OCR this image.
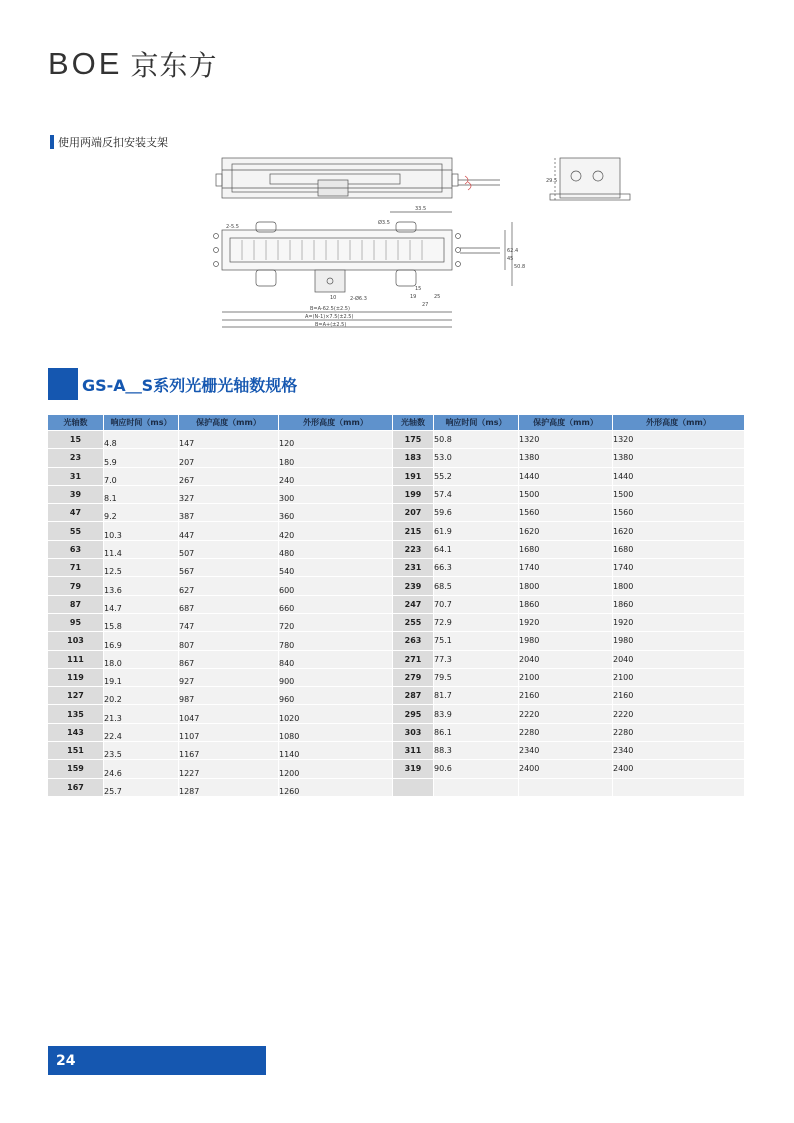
BOE 京东方
使用两端反扣安装支架
33.5
29.5
62.4
45
50.8
19	25
27
B=A-62.5(±2.5)
A=(N-1)×7.5(±2.5)
B=A+(±2.5)
2-5.5
Ø3.5
2-Ø6.3
10
15
GS-A＿S系列光栅光轴数规格
光轴数	响应时间（ms）	保护高度（mm）	外形高度（mm）	光轴数	响应时间（ms）	保护高度（mm）	外形高度（mm）
15	4.8	147	120	175	50.8	1320	1320
23	5.9	207	180	183	53.0	1380	1380
31	7.0	267	240	191	55.2	1440	1440
39	8.1	327	300	199	57.4	1500	1500
47	9.2	387	360	207	59.6	1560	1560
55	10.3	447	420	215	61.9	1620	1620
63	11.4	507	480	223	64.1	1680	1680
71	12.5	567	540	231	66.3	1740	1740
79	13.6	627	600	239	68.5	1800	1800
87	14.7	687	660	247	70.7	1860	1860
95	15.8	747	720	255	72.9	1920	1920
103	16.9	807	780	263	75.1	1980	1980
111	18.0	867	840	271	77.3	2040	2040
119	19.1	927	900	279	79.5	2100	2100
127	20.2	987	960	287	81.7	2160	2160
135	21.3	1047	1020	295	83.9	2220	2220
143	22.4	1107	1080	303	86.1	2280	2280
151	23.5	1167	1140	311	88.3	2340	2340
159	24.6	1227	1200	319	90.6	2400	2400
167	25.7	1287	1260				
24
